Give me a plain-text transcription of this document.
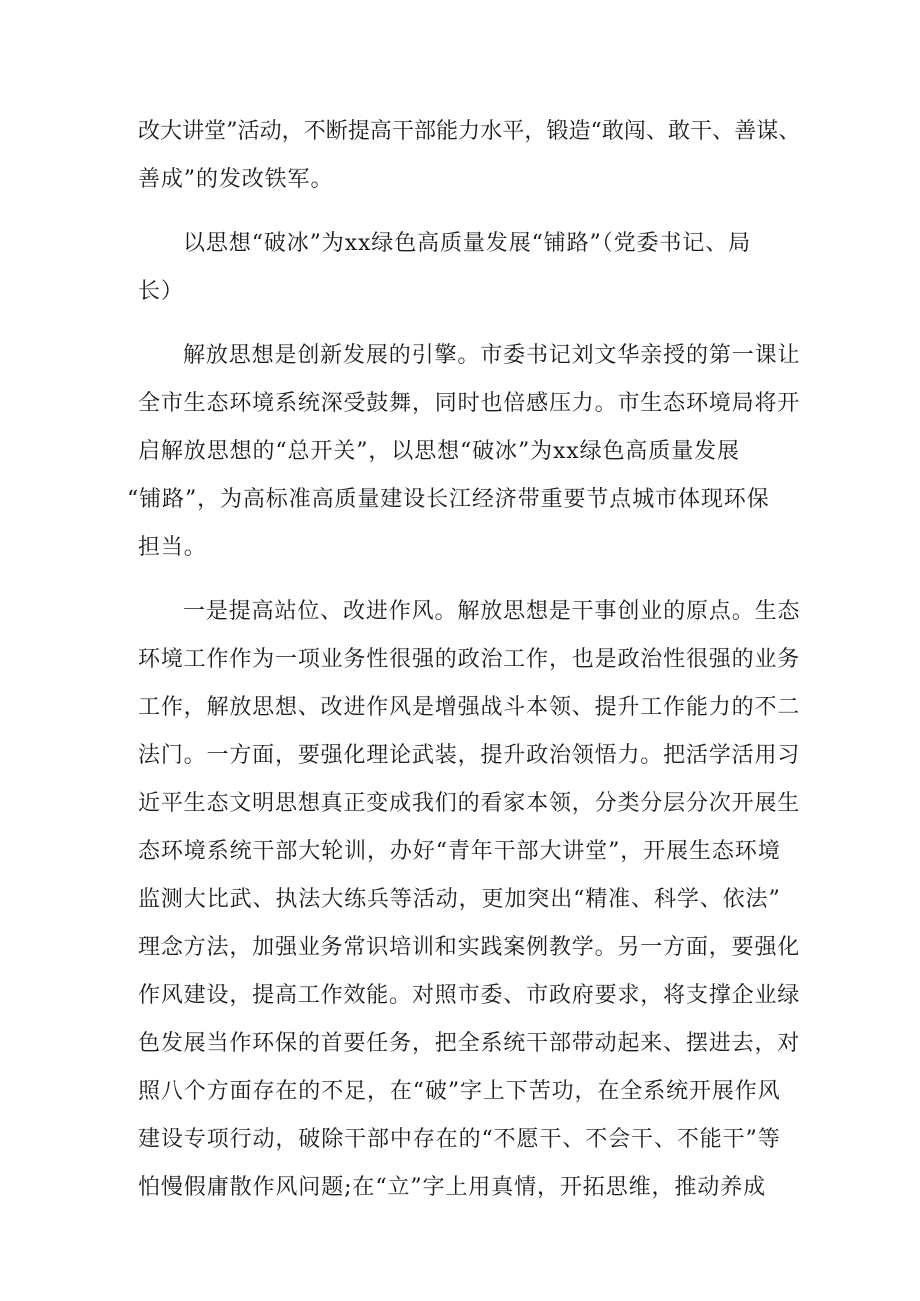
改大讲堂”活动，不断提高干部能力水平，锻造“敢闯、敢干、善谋、
善成”的发改铁军。
以思想“破冰”为xx绿色高质量发展“铺路”（党委书记、局
长）
解放思想是创新发展的引擎。市委书记刘文华亲授的第一课让
全市生态环境系统深受鼓舞，同时也倍感压力。市生态环境局将开
启解放思想的“总开关”，以思想“破冰”为xx绿色高质量发展
“铺路”，为高标准高质量建设长江经济带重要节点城市体现环保
担当。
一是提高站位、改进作风。解放思想是干事创业的原点。生态
环境工作作为一项业务性很强的政治工作，也是政治性很强的业务
工作，解放思想、改进作风是增强战斗本领、提升工作能力的不二
法门。一方面，要强化理论武装，提升政治领悟力。把活学活用习
近平生态文明思想真正变成我们的看家本领，分类分层分次开展生
态环境系统干部大轮训，办好“青年干部大讲堂”，开展生态环境
监测大比武、执法大练兵等活动，更加突出“精准、科学、依法”
理念方法，加强业务常识培训和实践案例教学。另一方面，要强化
作风建设，提高工作效能。对照市委、市政府要求，将支撑企业绿
色发展当作环保的首要任务，把全系统干部带动起来、摆进去，对
照八个方面存在的不足，在“破”字上下苦功，在全系统开展作风
建设专项行动，破除干部中存在的“不愿干、不会干、不能干”等
怕慢假庸散作风问题;在“立”字上用真情，开拓思维，推动养成
